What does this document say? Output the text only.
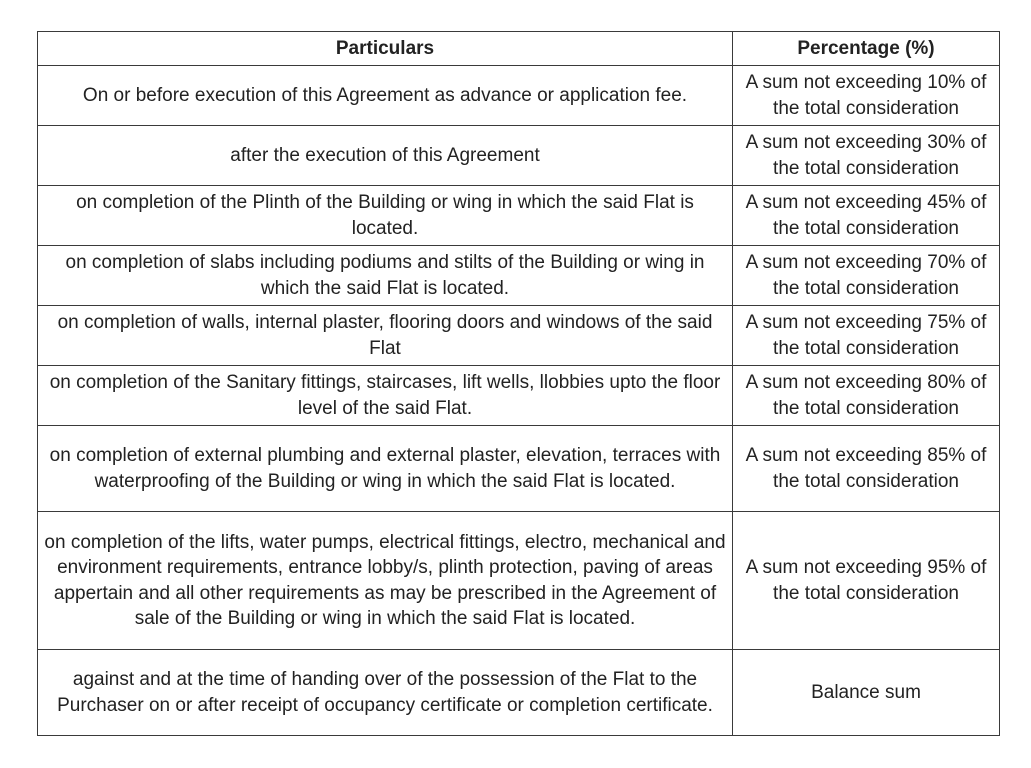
Particulars	Percentage (%)
On or before execution of this Agreement as advance or application fee.	A sum not exceeding 10% of the total consideration
after the execution of this Agreement	A sum not exceeding 30% of the total consideration
on completion of the Plinth of the Building or wing in which the said Flat is located.	A sum not exceeding 45% of the total consideration
on completion of slabs including podiums and stilts of the Building or wing in which the said Flat is located.	A sum not exceeding 70% of the total consideration
on completion of walls, internal plaster, flooring doors and windows of the said Flat	A sum not exceeding 75% of the total consideration
on completion of the Sanitary fittings, staircases, lift wells, llobbies upto the floor level of the said Flat.	A sum not exceeding 80% of the total consideration
on completion of external plumbing and external plaster, elevation, terraces with waterproofing of the Building or wing in which the said Flat is located.	A sum not exceeding 85% of the total consideration
on completion of the lifts, water pumps, electrical fittings, electro, mechanical and environment requirements, entrance lobby/s, plinth protection, paving of areas appertain and all other requirements as may be prescribed in the Agreement of sale of the Building or wing in which the said Flat is located.	A sum not exceeding 95% of the total consideration
against and at the time of handing over of the possession of the Flat to the Purchaser on or after receipt of occupancy certificate or completion certificate.	Balance sum
